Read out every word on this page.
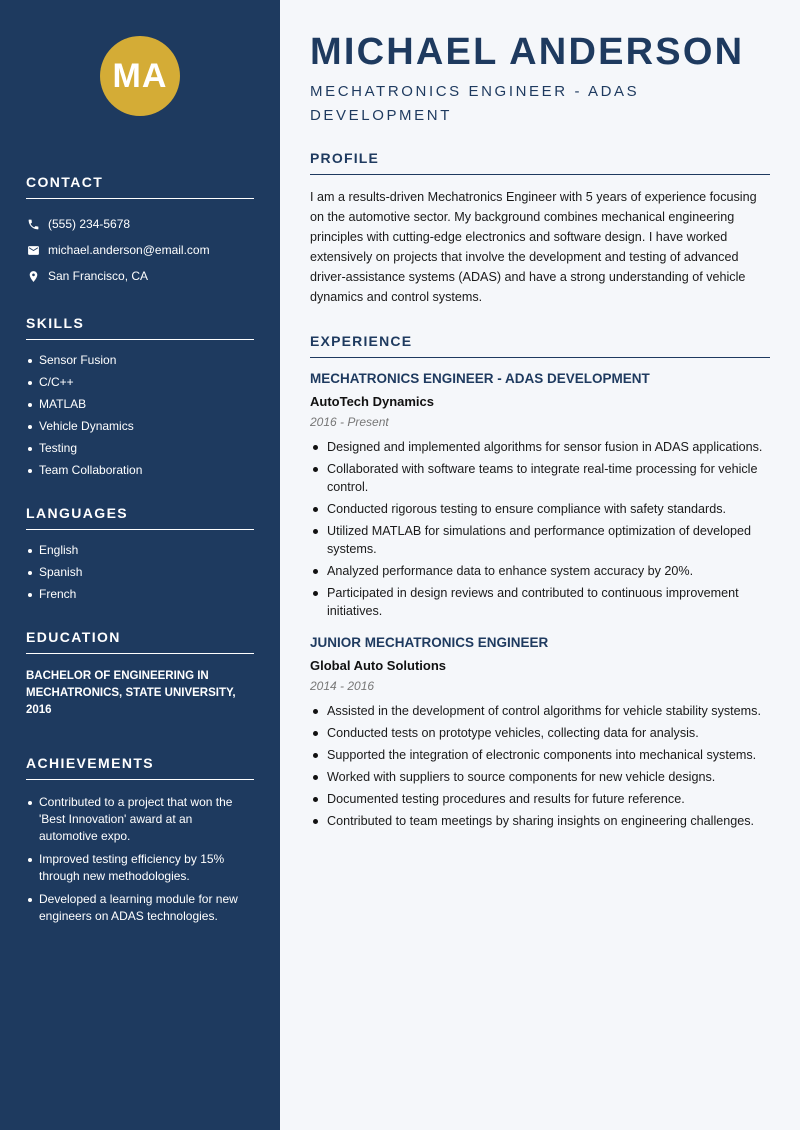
MA
CONTACT
(555) 234-5678
michael.anderson@email.com
San Francisco, CA
SKILLS
Sensor Fusion
C/C++
MATLAB
Vehicle Dynamics
Testing
Team Collaboration
LANGUAGES
English
Spanish
French
EDUCATION

BACHELOR OF ENGINEERING IN MECHATRONICS, STATE UNIVERSITY, 2016

ACHIEVEMENTS
Contributed to a project that won the 'Best Innovation' award at an automotive expo.
Improved testing efficiency by 15% through new methodologies.
Developed a learning module for new engineers on ADAS technologies.
MICHAEL ANDERSON
MECHATRONICS ENGINEER - ADAS DEVELOPMENT
PROFILE

I am a results-driven Mechatronics Engineer with 5 years of experience focusing on the automotive sector. My background combines mechanical engineering principles with cutting-edge electronics and software design. I have worked extensively on projects that involve the development and testing of advanced driver-assistance systems (ADAS) and have a strong understanding of vehicle dynamics and control systems.

EXPERIENCE
MECHATRONICS ENGINEER - ADAS DEVELOPMENT
AutoTech Dynamics
2016 - Present
Designed and implemented algorithms for sensor fusion in ADAS applications.
Collaborated with software teams to integrate real-time processing for vehicle control.
Conducted rigorous testing to ensure compliance with safety standards.
Utilized MATLAB for simulations and performance optimization of developed systems.
Analyzed performance data to enhance system accuracy by 20%.
Participated in design reviews and contributed to continuous improvement initiatives.
JUNIOR MECHATRONICS ENGINEER
Global Auto Solutions
2014 - 2016
Assisted in the development of control algorithms for vehicle stability systems.
Conducted tests on prototype vehicles, collecting data for analysis.
Supported the integration of electronic components into mechanical systems.
Worked with suppliers to source components for new vehicle designs.
Documented testing procedures and results for future reference.
Contributed to team meetings by sharing insights on engineering challenges.
